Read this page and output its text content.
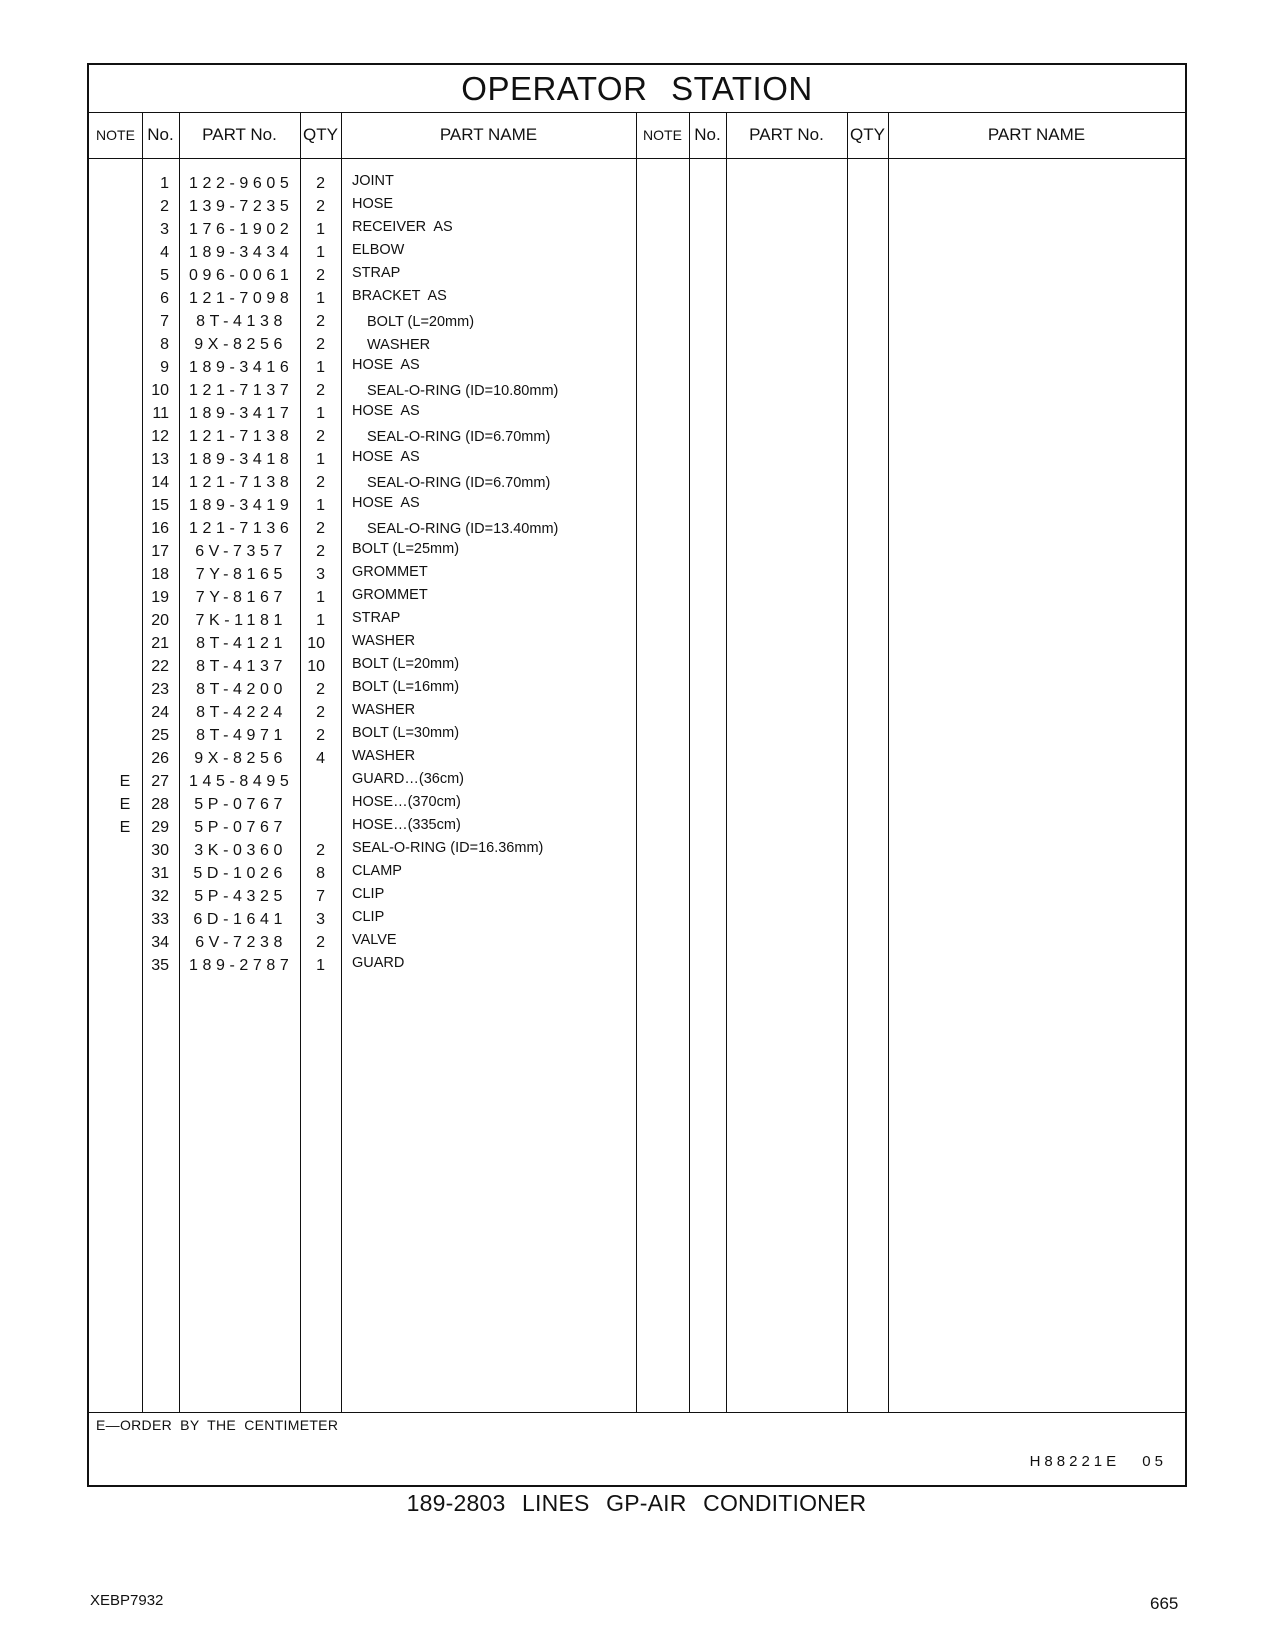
OPERATOR STATION
NOTE No.	PART No.	QTY	PART NAME	NOTE No.	PART No.	QTY	PART NAME
1 122-9605	2 JOINT
2 139-7235	2 HOSE
3 176-1902	1 RECEIVER  AS
4 189-3434	1 ELBOW
5 096-0061	2 STRAP
6 121-7098	1 BRACKET  AS
7	8T-4138	2	BOLT (L=20mm)
8	9X-8256	2	WASHER
9 189-3416	1 HOSE  AS
10 121-7137	2	SEAL-O-RING (ID=10.80mm)
11 189-3417	1 HOSE  AS
12 121-7138	2	SEAL-O-RING (ID=6.70mm)
13 189-3418	1 HOSE  AS
14 121-7138	2	SEAL-O-RING (ID=6.70mm)
15 189-3419	1 HOSE  AS
16 121-7136	2	SEAL-O-RING (ID=13.40mm)
17	6V-7357	2 BOLT (L=25mm)
18	7Y-8165	3 GROMMET
19	7Y-8167	1 GROMMET
20	7K-1181	1 STRAP
21	8T-4121	10 WASHER
22	8T-4137	10 BOLT (L=20mm)
23	8T-4200	2 BOLT (L=16mm)
24	8T-4224	2 WASHER
25	8T-4971	2 BOLT (L=30mm)
26	9X-8256	4 WASHER
E	27 145-8495	GUARD…(36cm)
E	28	5P-0767	HOSE…(370cm)
E	29	5P-0767	HOSE…(335cm)
30	3K-0360	2 SEAL-O-RING (ID=16.36mm)
31 5D-1026	8 CLAMP
32	5P-4325	7 CLIP
33 6D-1641	3 CLIP
34	6V-7238	2 VALVE
35 189-2787	1 GUARD
E—ORDER BY THE CENTIMETER
H88221E 05
189-2803 LINES GP-AIR CONDITIONER
XEBP7932	665
